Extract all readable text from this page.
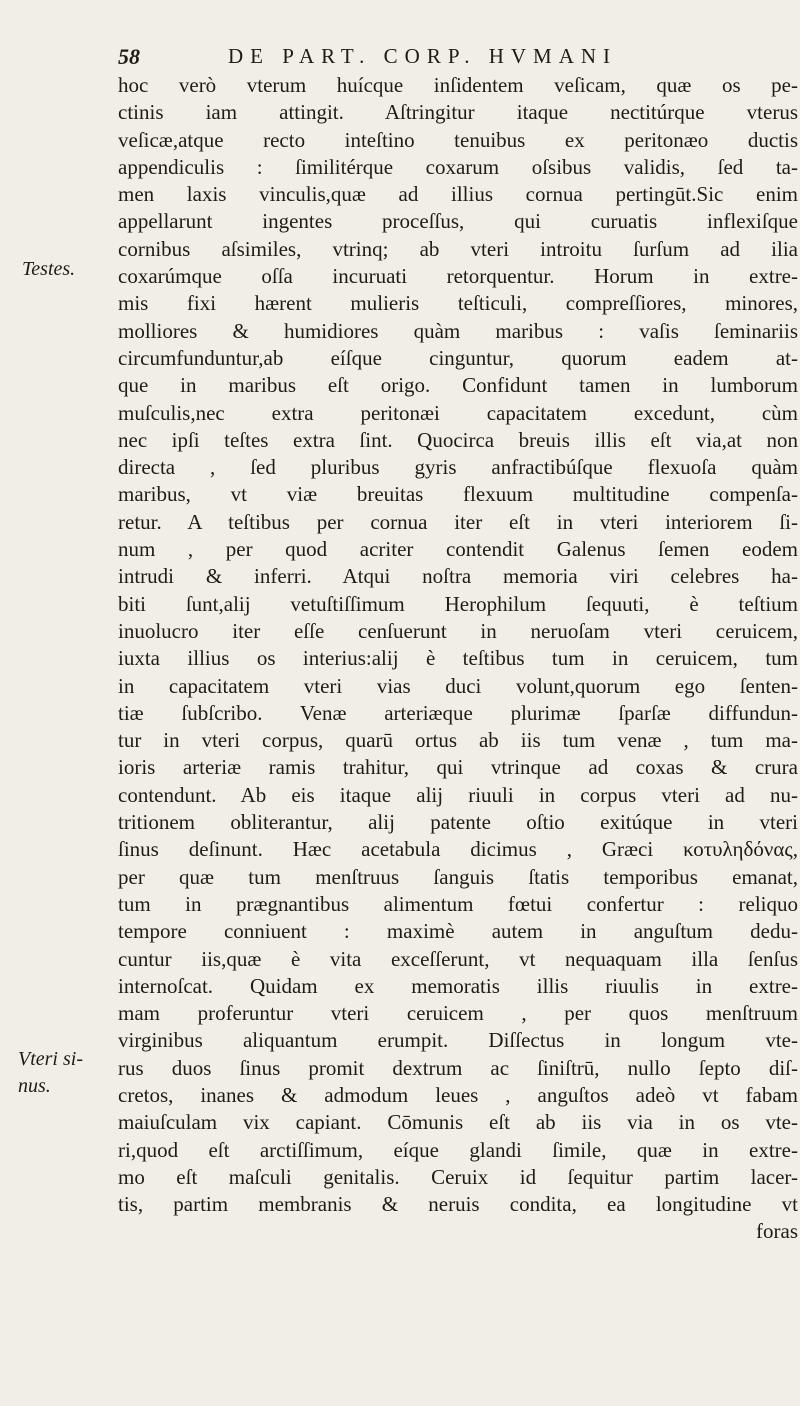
58	DE PART. CORP. HVMANI
Testes.
Vteri si-
nus.
hoc verò vterum huícque inſidentem veſicam, quæ os pe-
ctinis iam attingit. Aſtringitur itaque nectitúrque vterus
veſicæ,atque recto inteſtino tenuibus ex peritonæo ductis
appendiculis : ſimilitérque coxarum oſsibus validis, ſed ta-
men laxis vinculis,quæ ad illius cornua pertingūt.Sic enim
appellarunt ingentes proceſſus, qui curuatis inflexiſque
cornibus aſsimiles, vtrinq; ab vteri introitu ſurſum ad ilia
coxarúmque oſſa incuruati retorquentur. Horum in extre-
mis fixi hærent mulieris teſticuli, compreſſiores, minores,
molliores & humidiores quàm maribus : vaſis ſeminariis
circumfunduntur,ab eíſque cinguntur, quorum eadem at-
que in maribus eſt origo. Confidunt tamen in lumborum
muſculis,nec extra peritonæi capacitatem excedunt, cùm
nec ipſi teſtes extra ſint. Quocirca breuis illis eſt via,at non
directa , ſed pluribus gyris anfractibúſque flexuoſa quàm
maribus, vt viæ breuitas flexuum multitudine compenſa-
retur. A teſtibus per cornua iter eſt in vteri interiorem ſi-
num , per quod acriter contendit Galenus ſemen eodem
intrudi & inferri. Atqui noſtra memoria viri celebres ha-
biti ſunt,alij vetuſtiſſimum Herophilum ſequuti, è teſtium
inuolucro iter eſſe cenſuerunt in neruoſam vteri ceruicem,
iuxta illius os interius:alij è teſtibus tum in ceruicem, tum
in capacitatem vteri vias duci volunt,quorum ego ſenten-
tiæ ſubſcribo. Venæ arteriæque plurimæ ſparſæ diffundun-
tur in vteri corpus, quarū ortus ab iis tum venæ , tum ma-
ioris arteriæ ramis trahitur, qui vtrinque ad coxas & crura
contendunt. Ab eis itaque alij riuuli in corpus vteri ad nu-
tritionem obliterantur, alij patente oſtio exitúque in vteri
ſinus deſinunt. Hæc acetabula dicimus , Græci κοτυληδόνας,
per quæ tum menſtruus ſanguis ſtatis temporibus emanat,
tum in prægnantibus alimentum fœtui confertur : reliquo
tempore conniuent : maximè autem in anguſtum dedu-
cuntur iis,quæ è vita exceſſerunt, vt nequaquam illa ſenſus
internoſcat. Quidam ex memoratis illis riuulis in extre-
mam proferuntur vteri ceruicem , per quos menſtruum
virginibus aliquantum erumpit. Diſſectus in longum vte-
rus duos ſinus promit dextrum ac ſiniſtrū, nullo ſepto diſ-
cretos, inanes & admodum leues , anguſtos adeò vt fabam
maiuſculam vix capiant. Cōmunis eſt ab iis via in os vte-
ri,quod eſt arctiſſimum, eíque glandi ſimile, quæ in extre-
mo eſt maſculi genitalis. Ceruix id ſequitur partim lacer-
tis, partim membranis & neruis condita, ea longitudine vt
foras
